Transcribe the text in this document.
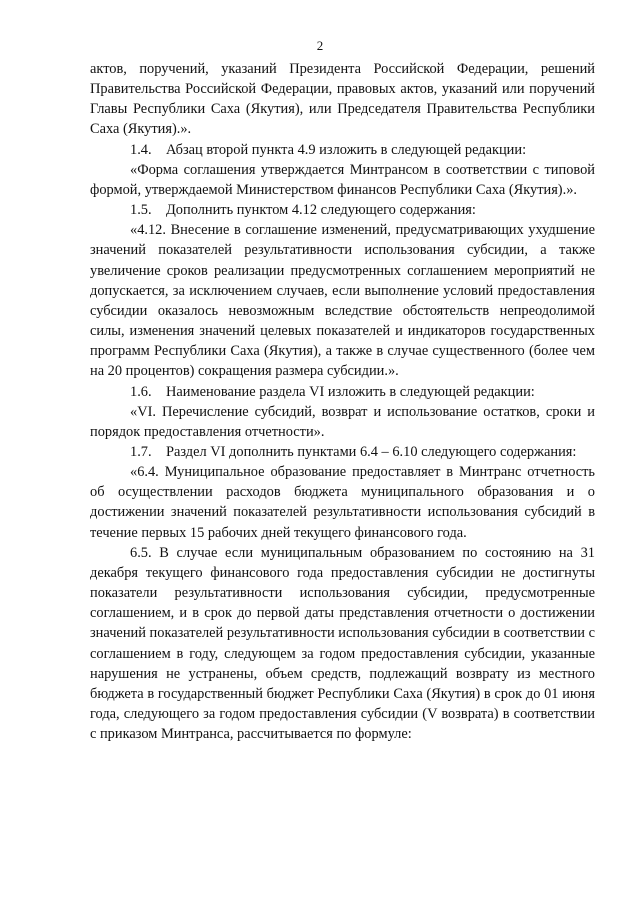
2

актов, поручений, указаний Президента Российской Федерации, решений Правительства Российской Федерации, правовых актов, указаний или поручений Главы Республики Саха (Якутия), или Председателя Правительства Республики Саха (Якутия).».

1.4.    Абзац второй пункта 4.9 изложить в следующей редакции:

«Форма соглашения утверждается Минтрансом в соответствии с типовой формой, утверждаемой Министерством финансов Республики Саха (Якутия).».

1.5.    Дополнить пунктом 4.12 следующего содержания:

«4.12. Внесение в соглашение изменений, предусматривающих ухудшение значений показателей результативности использования субсидии, а также увеличение сроков реализации предусмотренных соглашением мероприятий не допускается, за исключением случаев, если выполнение условий предоставления субсидии оказалось невозможным вследствие обстоятельств непреодолимой силы, изменения значений целевых показателей и индикаторов государственных программ Республики Саха (Якутия), а также в случае существенного (более чем на 20 процентов) сокращения размера субсидии.».

1.6.    Наименование раздела VI изложить в следующей редакции:

«VI. Перечисление субсидий, возврат и использование остатков, сроки и порядок предоставления отчетности».

1.7.    Раздел VI дополнить пунктами 6.4 – 6.10 следующего содержания:

«6.4. Муниципальное образование предоставляет в Минтранс отчетность об осуществлении расходов бюджета муниципального образования и о достижении значений показателей результативности использования субсидий в течение первых 15 рабочих дней текущего финансового года.

6.5. В случае если муниципальным образованием по состоянию на 31 декабря текущего финансового года предоставления субсидии не достигнуты показатели результативности использования субсидии, предусмотренные соглашением, и в срок до первой даты представления отчетности о достижении значений показателей результативности использования субсидии в соответствии с соглашением в году, следующем за годом предоставления субсидии, указанные нарушения не устранены, объем средств, подлежащий возврату из местного бюджета в государственный бюджет Республики Саха (Якутия) в срок до 01 июня года, следующего за годом предоставления субсидии (V возврата) в соответствии с приказом Минтранса, рассчитывается по формуле:
